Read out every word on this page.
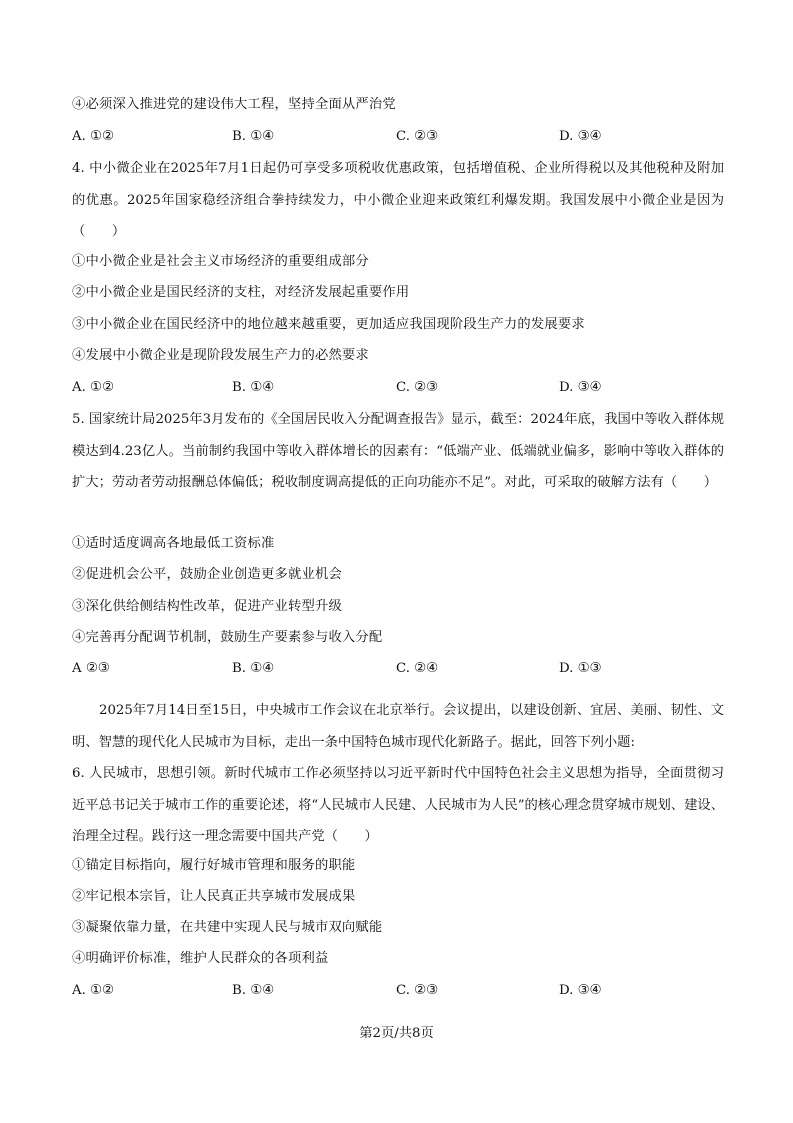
④必须深入推进党的建设伟大工程，坚持全面从严治党
A. ①②	B. ①④	C. ②③	D. ③④
4. 中小微企业在2025年7月1日起仍可享受多项税收优惠政策，包括增值税、企业所得税以及其他税种及附加的优惠。2025年国家稳经济组合拳持续发力，中小微企业迎来政策红利爆发期。我国发展中小微企业是因为（　　）
①中小微企业是社会主义市场经济的重要组成部分
②中小微企业是国民经济的支柱，对经济发展起重要作用
③中小微企业在国民经济中的地位越来越重要，更加适应我国现阶段生产力的发展要求
④发展中小微企业是现阶段发展生产力的必然要求
A. ①②	B. ①④	C. ②③	D. ③④
5. 国家统计局2025年3月发布的《全国居民收入分配调查报告》显示，截至：2024年底，我国中等收入群体规模达到4.23亿人。当前制约我国中等收入群体增长的因素有：“低端产业、低端就业偏多，影响中等收入群体的扩大；劳动者劳动报酬总体偏低；税收制度调高提低的正向功能亦不足”。对此，可采取的破解方法有（　　）
①适时适度调高各地最低工资标准
②促进机会公平，鼓励企业创造更多就业机会
③深化供给侧结构性改革，促进产业转型升级
④完善再分配调节机制，鼓励生产要素参与收入分配
A ②③	B. ①④	C. ②④	D. ①③
2025年7月14日至15日，中央城市工作会议在北京举行。会议提出，以建设创新、宜居、美丽、韧性、文明、智慧的现代化人民城市为目标，走出一条中国特色城市现代化新路子。据此，回答下列小题:
6. 人民城市，思想引领。新时代城市工作必须坚持以习近平新时代中国特色社会主义思想为指导，全面贯彻习近平总书记关于城市工作的重要论述，将“人民城市人民建、人民城市为人民”的核心理念贯穿城市规划、建设、治理全过程。践行这一理念需要中国共产党（　　）
①锚定目标指向，履行好城市管理和服务的职能
②牢记根本宗旨，让人民真正共享城市发展成果
③凝聚依靠力量，在共建中实现人民与城市双向赋能
④明确评价标准，维护人民群众的各项利益
A. ①②	B. ①④	C. ②③	D. ③④
第2页/共8页
